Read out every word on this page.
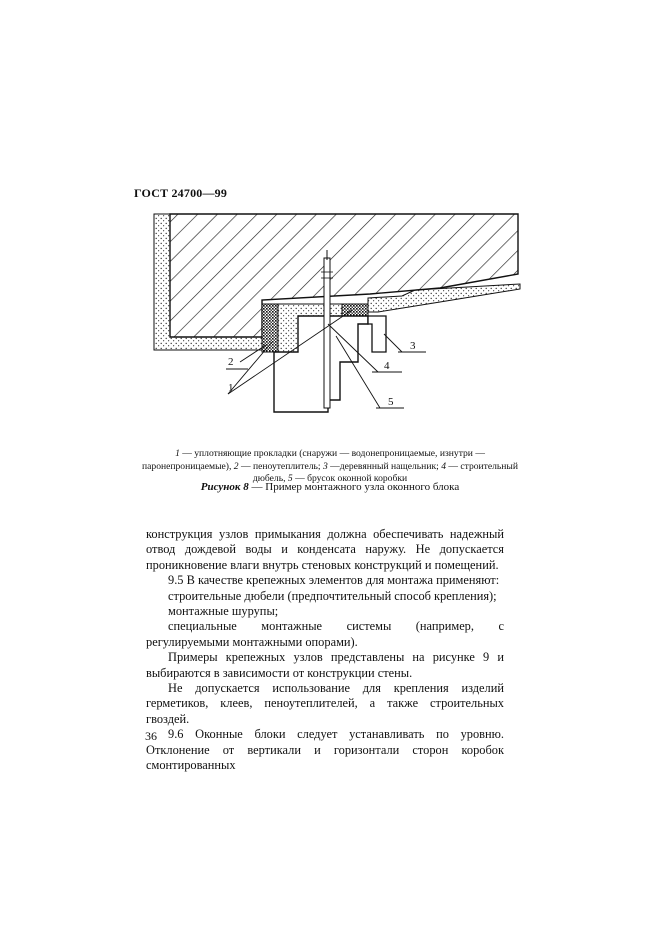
ГОСТ 24700—99
2
1
3
4
5
1 — уплотняющие прокладки (снаружи — водонепроницаемые, изнутри — паронепроницаемые), 2 — пеноутеплитель; 3 —деревянный нащельник; 4 — строительный дюбель, 5 — брусок оконной коробки
Рисунок 8 — Пример монтажного узла оконного блока

конструкция узлов примыкания должна обеспечивать надежный отвод дождевой воды и конденсата наружу. Не допускается проникновение влаги внутрь стеновых конструкций и помещений.

9.5 В качестве крепежных элементов для монтажа применяют:

строительные дюбели (предпочтительный способ крепления);

монтажные шурупы;

специальные монтажные системы (например, с регулируемыми монтажными опорами).

Примеры крепежных узлов представлены на рисунке 9 и выбираются в зависимости от конструкции стены.

Не допускается использование для крепления изделий герметиков, клеев, пеноутеплителей, а также строительных гвоздей.

9.6 Оконные блоки следует устанавливать по уровню. Отклонение от вертикали и горизонтали сторон коробок смонтированных

36
